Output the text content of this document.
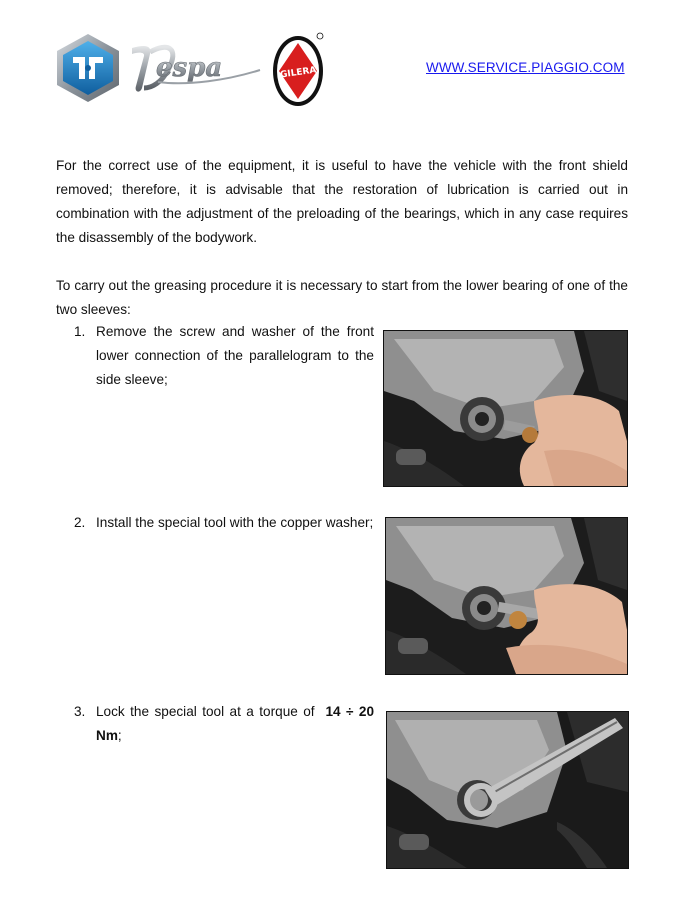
espa	GILERA	WWW.SERVICE.PIAGGIO.COM

For the correct use of the equipment, it is useful to have the vehicle with the front shield removed; therefore, it is advisable that the restoration of lubrication is carried out in combination with the adjustment of the preloading of the bearings, which in any case requires the disassembly of the bodywork.

To carry out the greasing procedure it is necessary to start from the lower bearing of one of the two sleeves:

1. Remove the screw and washer of the front lower connection of the parallelogram to the side sleeve;
2. Install the special tool with the copper washer;
3. Lock the special tool at a torque of 14 ÷ 20 Nm;
